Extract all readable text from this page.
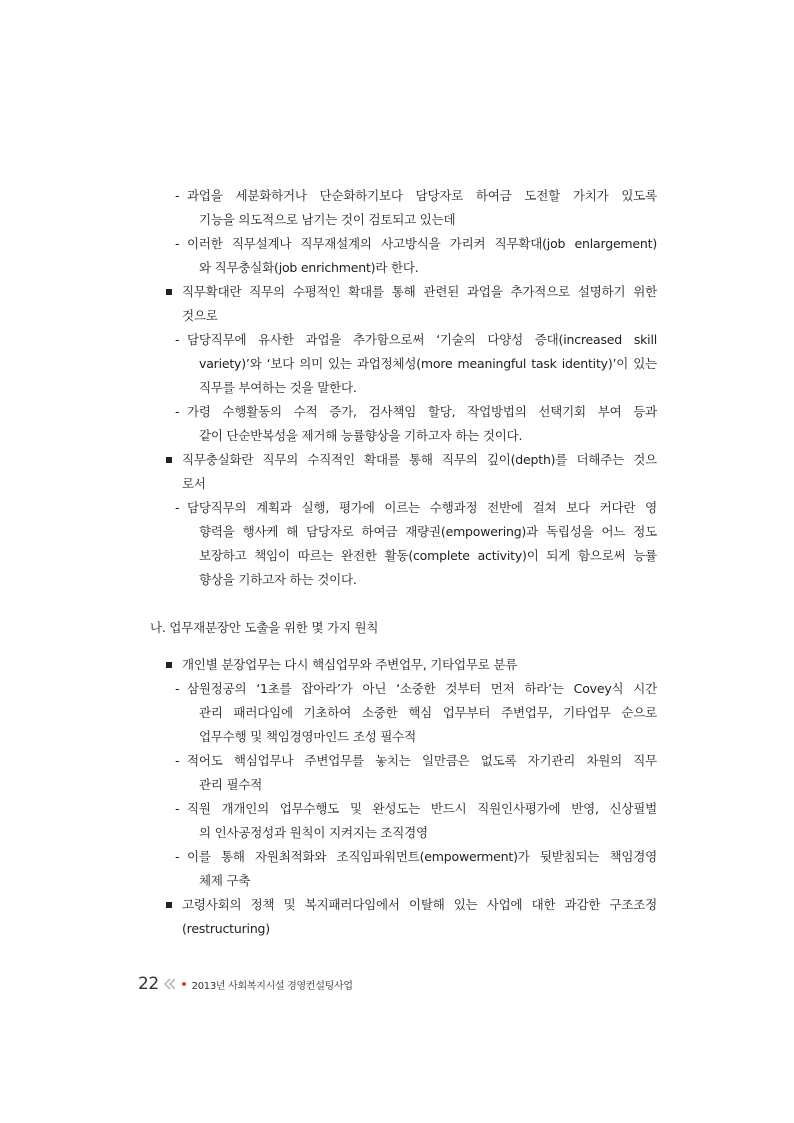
- 과업을 세분화하거나 단순화하기보다 담당자로 하여금 도전할 가치가 있도록
기능을 의도적으로 남기는 것이 검토되고 있는데
- 이러한 직무설계나 직무재설계의 사고방식을 가리켜 직무확대(job enlargement)
와 직무충실화(job enrichment)라 한다.
직무확대란 직무의 수평적인 확대를 통해 관련된 과업을 추가적으로 설명하기 위한
것으로
- 담당직무에 유사한 과업을 추가함으로써 ‘기술의 다양성 증대(increased skill
variety)’와 ‘보다 의미 있는 과업정체성(more meaningful task identity)’이 있는
직무를 부여하는 것을 말한다.
- 가령 수행활동의 수적 증가, 검사책임 할당, 작업방법의 선택기회 부여 등과
같이 단순반복성을 제거해 능률향상을 기하고자 하는 것이다.
직무충실화란 직무의 수직적인 확대를 통해 직무의 깊이(depth)를 더해주는 것으
로서
- 담당직무의 계획과 실행, 평가에 이르는 수행과정 전반에 걸쳐 보다 커다란 영
향력을 행사케 해 담당자로 하여금 재량권(empowering)과 독립성을 어느 정도
보장하고 책임이 따르는 완전한 활동(complete activity)이 되게 함으로써 능률
향상을 기하고자 하는 것이다.
나. 업무재분장안 도출을 위한 몇 가지 원칙
개인별 분장업무는 다시 핵심업무와 주변업무, 기타업무로 분류
- 삼원정공의 ‘1초를 잡아라’가 아닌 ‘소중한 것부터 먼저 하라’는 Covey식 시간
관리 패러다임에 기초하여 소중한 핵심 업무부터 주변업무, 기타업무 순으로
업무수행 및 책임경영마인드 조성 필수적
- 적어도 핵심업무나 주변업무를 놓치는 일만큼은 없도록 자기관리 차원의 직무
관리 필수적
- 직원 개개인의 업무수행도 및 완성도는 반드시 직원인사평가에 반영, 신상필벌
의 인사공정성과 원칙이 지켜지는 조직경영
- 이를 통해 자원최적화와 조직임파워먼트(empowerment)가 뒷받침되는 책임경영
체제 구축
고령사회의 정책 및 복지패러다임에서 이탈해 있는 사업에 대한 과감한 구조조정
(restructuring)
22	2013년 사회복지시설 경영컨설팅사업
